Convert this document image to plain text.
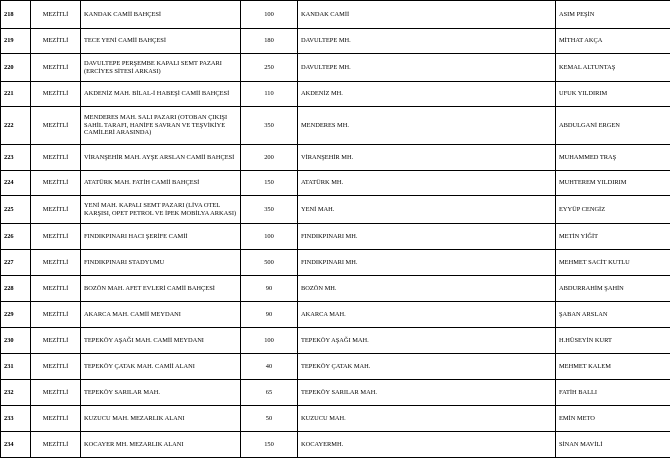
218	MEZİTLİ	KANDAK CAMİİ BAHÇESİ	100	KANDAK CAMİİ	ASIM PEŞİN
219	MEZİTLİ	TECE YENİ CAMİİ BAHÇESİ	180	DAVULTEPE MH.	MİTHAT AKÇA
220	MEZİTLİ	DAVULTEPE PERŞEMBE KAPALI SEMT PAZARI (ERCİYES SİTESİ ARKASI)	250	DAVULTEPE MH.	KEMAL ALTUNTAŞ
221	MEZİTLİ	AKDENİZ MAH. BİLAL-İ HABEŞİ CAMİİ BAHÇESİ	110	AKDENİZ MH.	UFUK YILDIRIM
222	MEZİTLİ	MENDERES MAH. SALI PAZARI (OTOBAN ÇIKIŞI SAHİL TARAFI, HANİFE SAVRAN VE TEŞVİKİYE CAMİLERİ ARASINDA)	350	MENDERES MH.	ABDULGANİ ERGEN
223	MEZİTLİ	VİRANŞEHİR MAH. AYŞE ARSLAN CAMİİ BAHÇESİ	200	VİRANŞEHİR MH.	MUHAMMED TRAŞ
224	MEZİTLİ	ATATÜRK MAH. FATİH CAMİİ BAHÇESİ	150	ATATÜRK MH.	MUHTEREM YILDIRIM
225	MEZİTLİ	YENİ MAH. KAPALI SEMT PAZARI (LİVA OTEL KARŞISI, OPET PETROL VE İPEK MOBİLYA ARKASI)	350	YENİ MAH.	EYYÜP CENGİZ
226	MEZİTLİ	FINDIKPINARI HACI ŞERİFE CAMİİ	100	FINDIKPINARI MH.	METİN YİĞİT
227	MEZİTLİ	FINDIKPINARI STADYUMU	500	FINDIKPINARI MH.	MEHMET SACİT KUTLU
228	MEZİTLİ	BOZÖN MAH. AFET EVLERİ CAMİİ BAHÇESİ	90	BOZÖN MH.	ABDURRAHİM ŞAHİN
229	MEZİTLİ	AKARCA MAH. CAMİİ MEYDANI	90	AKARCA MAH.	ŞABAN ARSLAN
230	MEZİTLİ	TEPEKÖY AŞAĞI MAH. CAMİİ MEYDANI	100	TEPEKÖY AŞAĞI MAH.	H.HÜSEYİN KURT
231	MEZİTLİ	TEPEKÖY ÇATAK MAH. CAMİİ ALANI	40	TEPEKÖY ÇATAK MAH.	MEHMET KALEM
232	MEZİTLİ	TEPEKÖY SARILAR MAH.	65	TEPEKÖY SARILAR MAH.	FATİH BALLI
233	MEZİTLİ	KUZUCU MAH. MEZARLIK ALANI	50	KUZUCU MAH.	EMİN METO
234	MEZİTLİ	KOCAYER MH. MEZARLIK ALANI	150	KOCAYERMH.	SİNAN MAVİLİ
